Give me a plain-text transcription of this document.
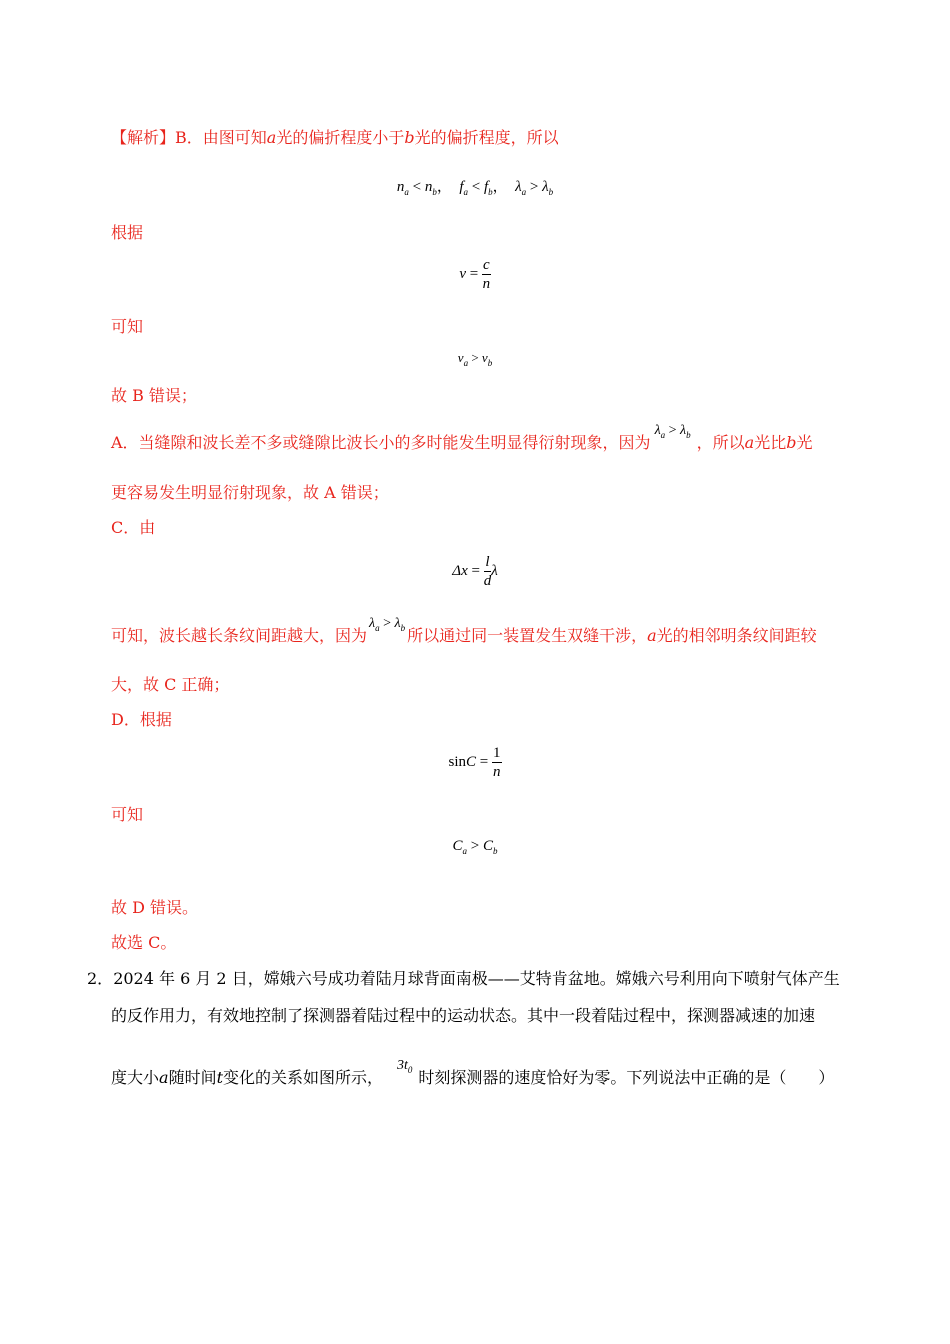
【解析】B．由图可知a光的偏折程度小于b光的偏折程度，所以
$n_a < n_b$， $f_a < f_b$， $\lambda_a > \lambda_b$
根据
$v = \frac{c}{n}$
可知
$v_a > v_b$
故 B 错误；
A．当缝隙和波长差不多或缝隙比波长小的多时能发生明显得衍射现象，因为$\lambda_a > \lambda_b$ ，所以a光比b光
更容易发生明显衍射现象，故 A 错误；
C．由
$\Delta x = \frac{l}{d}$ λ
可知，波长越长条纹间距越大，因为$\lambda_a > \lambda_b$ 所以通过同一装置发生双缝干涉，a光的相邻明条纹间距较
大，故 C 正确；
D．根据
$\sin C = \frac{1}{n}$
可知
$C_a > C_b$
故 D 错误。
故选 C。
2．2024 年 6 月 2 日，嫦娥六号成功着陆月球背面南极——艾特肯盆地。嫦娥六号利用向下喷射气体产生
的反作用力，有效地控制了探测器着陆过程中的运动状态。其中一段着陆过程中，探测器减速的加速
度大小a随时间t变化的关系如图所示，$3t_0$ 时刻探测器的速度恰好为零。下列说法中正确的是（　　）
